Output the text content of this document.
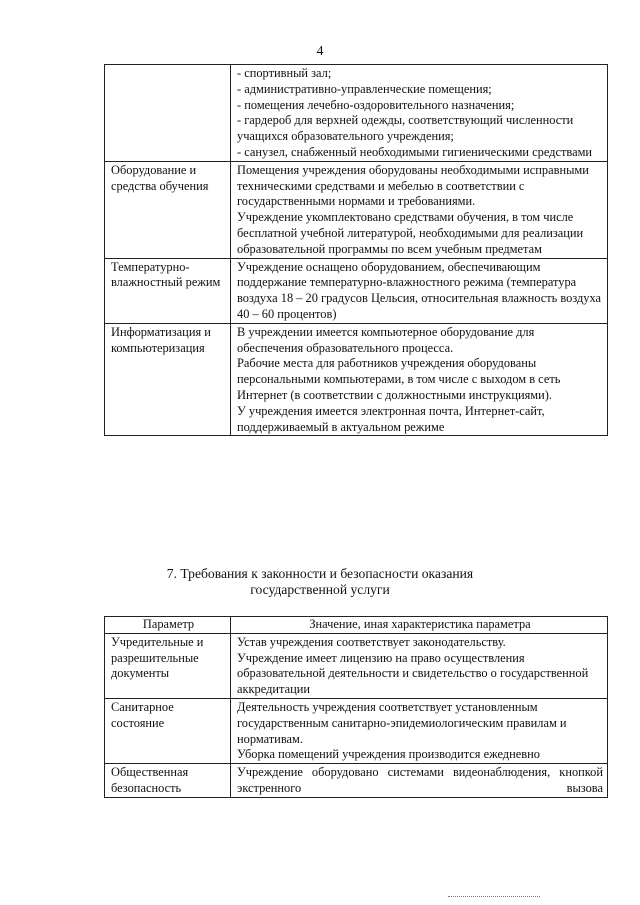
4

	- спортивный зал;
- административно-управленческие помещения;
- помещения лечебно-оздоровительного назначения;
- гардероб для верхней одежды, соответствующий численности учащихся образовательного учреждения;
- санузел, снабженный необходимыми гигиеническими средствами

Оборудование и средства обучения	Помещения учреждения оборудованы необходимыми исправными техническими средствами и мебелью в соответствии с государственными нормами и требованиями.
Учреждение укомплектовано средствами обучения, в том числе бесплатной учебной литературой, необходимыми для реализации образовательной программы по всем учебным предметам

Температурно-влажностный режим	Учреждение оснащено оборудованием, обеспечивающим поддержание температурно-влажностного режима (температура воздуха 18 – 20 градусов Цельсия, относительная влажность воздуха 40 – 60 процентов)

Информатизация и компьютеризация	В учреждении имеется компьютерное оборудование для обеспечения образовательного процесса.
Рабочие места для работников учреждения оборудованы персональными компьютерами, в том числе с выходом в сеть Интернет (в соответствии с должностными инструкциями).
У учреждения имеется электронная почта, Интернет-сайт, поддерживаемый в актуальном режиме
7. Требования к законности и безопасности оказания
государственной услуги
Параметр	Значение, иная характеристика параметра
Учредительные и разрешительные документы	Устав учреждения соответствует законодательству.
Учреждение имеет лицензию на право осуществления образовательной деятельности и свидетельство о государственной аккредитации

Санитарное состояние	Деятельность учреждения соответствует установленным государственным санитарно-эпидемиологическим правилам и нормативам.
Уборка помещений учреждения производится ежедневно

Общественная безопасность	Учреждение оборудовано системами видеонаблюдения, кнопкой экстренного вызова
